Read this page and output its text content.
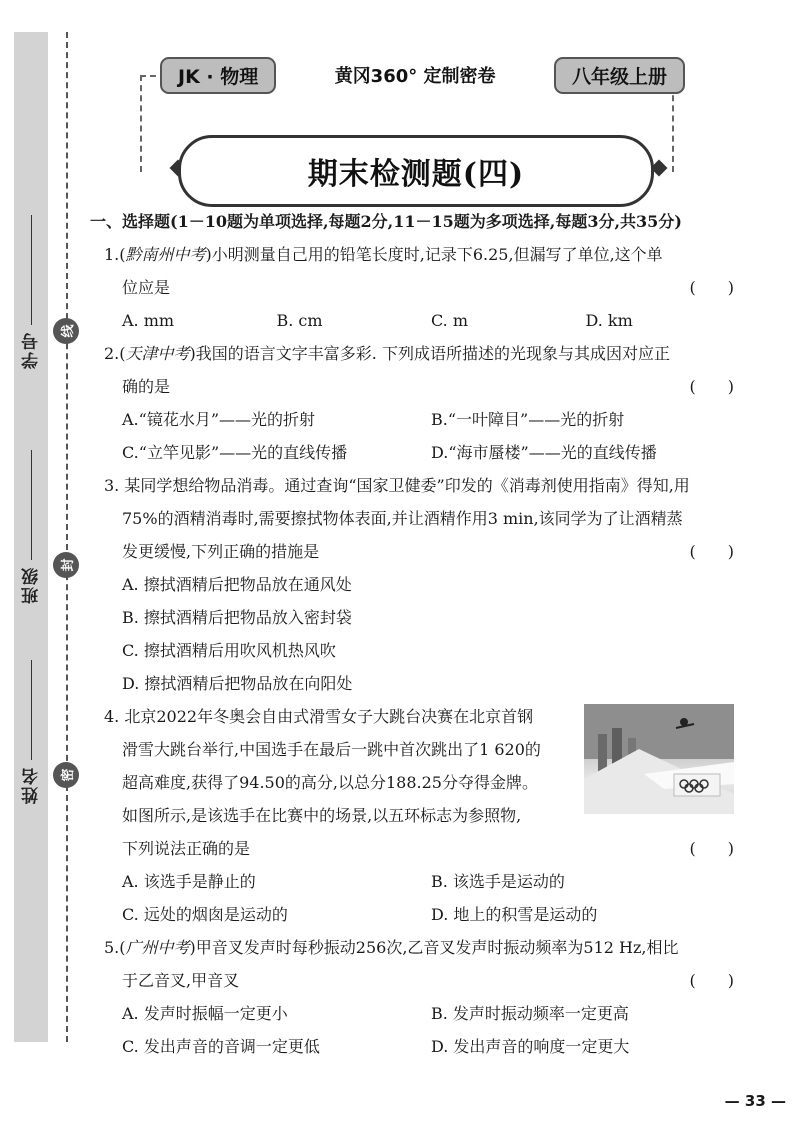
学号
班级
姓名
线
封
密
JK · 物理	黄冈360° 定制密卷	八年级上册
期末检测题(四)
一、选择题(1－10题为单项选择,每题2分,11－15题为多项选择,每题3分,共35分)
1.(黔南州中考)小明测量自己用的铅笔长度时,记录下6.25,但漏写了单位,这个单
位应是	(　　)
A. mm	B. cm	C. m	D. km
2.(天津中考)我国的语言文字丰富多彩. 下列成语所描述的光现象与其成因对应正
确的是	(　　)
A.“镜花水月”——光的折射	B.“一叶障目”——光的折射
C.“立竿见影”——光的直线传播	D.“海市蜃楼”——光的直线传播
3. 某同学想给物品消毒。通过查询“国家卫健委”印发的《消毒剂使用指南》得知,用
75%的酒精消毒时,需要擦拭物体表面,并让酒精作用3 min,该同学为了让酒精蒸
发更缓慢,下列正确的措施是	(　　)
A. 擦拭酒精后把物品放在通风处
B. 擦拭酒精后把物品放入密封袋
C. 擦拭酒精后用吹风机热风吹
D. 擦拭酒精后把物品放在向阳处
4. 北京2022年冬奥会自由式滑雪女子大跳台决赛在北京首钢
滑雪大跳台举行,中国选手在最后一跳中首次跳出了1 620的
超高难度,获得了94.50的高分,以总分188.25分夺得金牌。
如图所示,是该选手在比赛中的场景,以五环标志为参照物,
下列说法正确的是	(　　)
A. 该选手是静止的	B. 该选手是运动的
C. 远处的烟囱是运动的	D. 地上的积雪是运动的
5.(广州中考)甲音叉发声时每秒振动256次,乙音叉发声时振动频率为512 Hz,相比
于乙音叉,甲音叉	(　　)
A. 发声时振幅一定更小	B. 发声时振动频率一定更高
C. 发出声音的音调一定更低	D. 发出声音的响度一定更大
— 33 —
